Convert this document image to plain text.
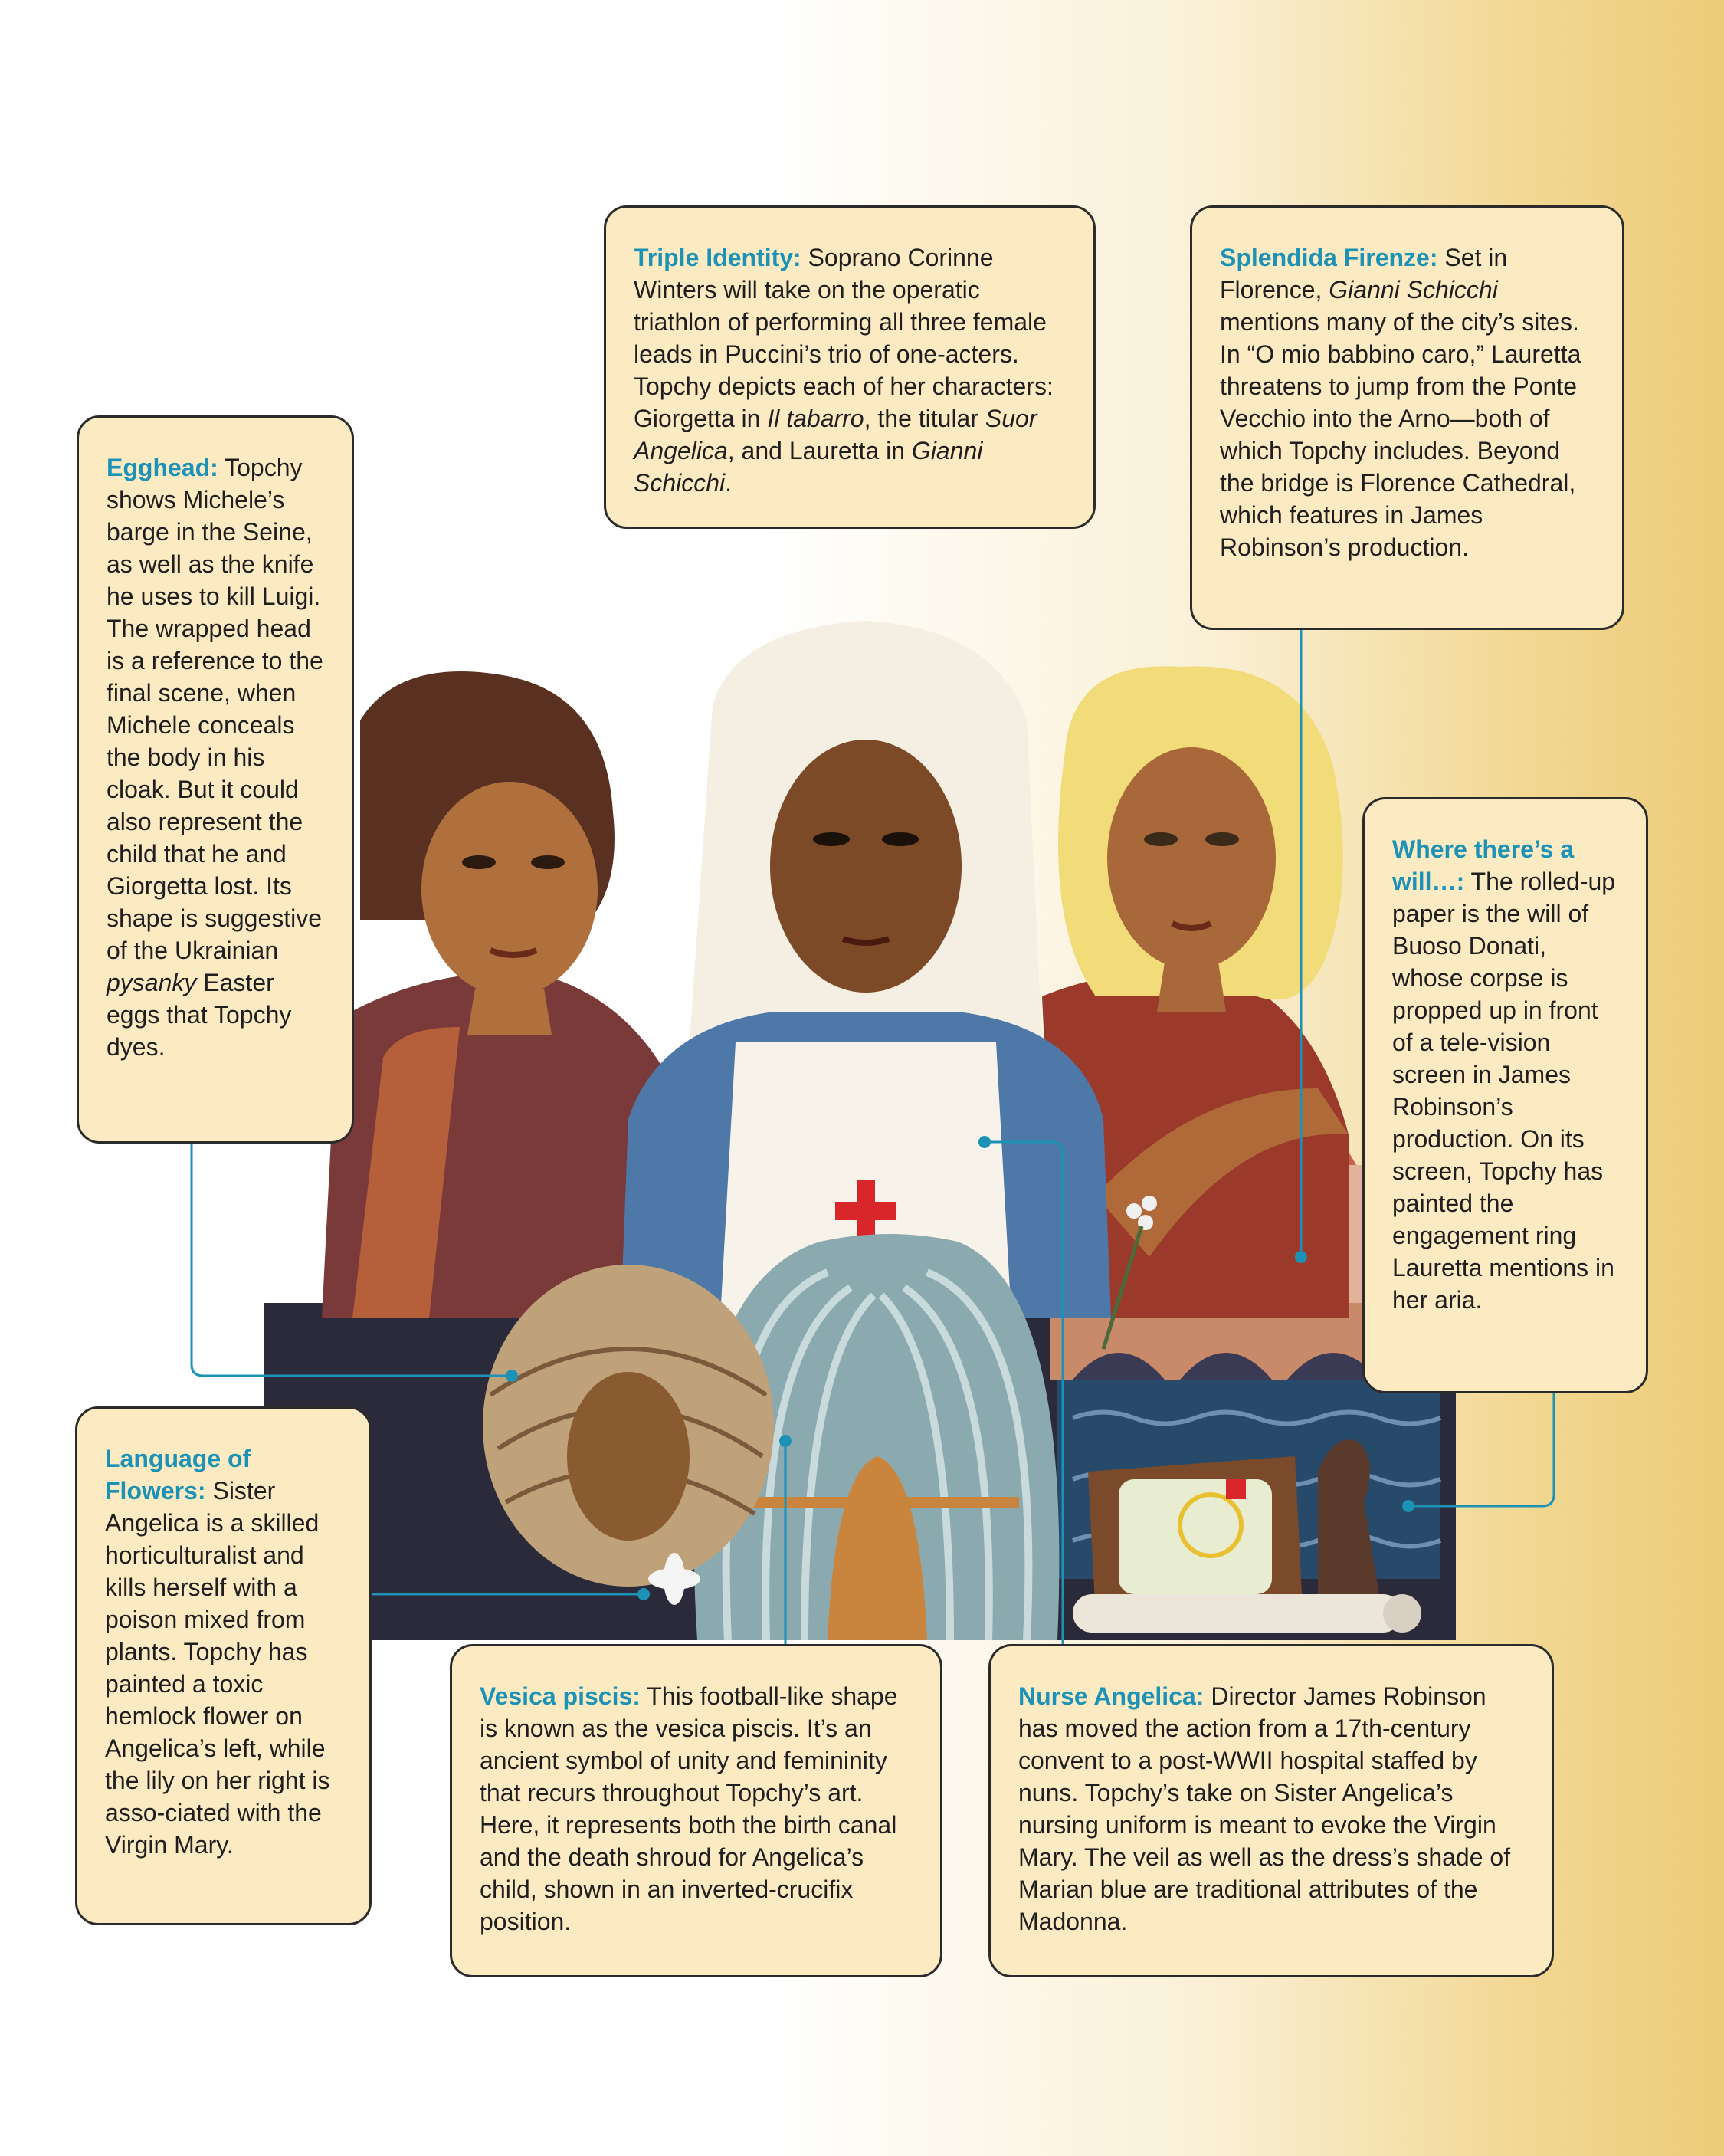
Triple Identity: Soprano Corinne Winters will take on the operatic triathlon of performing all three female leads in Puccini’s trio of one-acters. Topchy depicts each of her characters: Giorgetta in Il tabarro, the titular Suor Angelica, and Lauretta in Gianni Schicchi.
Splendida Firenze: Set in Florence, Gianni Schicchi mentions many of the city’s sites. In “O mio babbino caro,” Lauretta threatens to jump from the Ponte Vecchio into the Arno—both of which Topchy includes. Beyond the bridge is Florence Cathedral, which features in James Robinson’s production.
Egghead: Topchy shows Michele’s barge in the Seine, as well as the knife he uses to kill Luigi. The wrapped head is a reference to the final scene, when Michele conceals the body in his cloak. But it could also represent the child that he and Giorgetta lost. Its shape is suggestive of the Ukrainian pysanky Easter eggs that Topchy dyes.
Where there’s a will…: The rolled-up paper is the will of Buoso Donati, whose corpse is propped up in front of a tele-vision screen in James Robinson’s production. On its screen, Topchy has painted the engagement ring Lauretta mentions in her aria.
Language of Flowers: Sister Angelica is a skilled horticulturalist and kills herself with a poison mixed from plants. Topchy has painted a toxic hemlock flower on Angelica’s left, while the lily on her right is asso-ciated with the Virgin Mary.
Vesica piscis: This football-like shape is known as the vesica piscis. It’s an ancient symbol of unity and femininity that recurs throughout Topchy’s art. Here, it represents both the birth canal and the death shroud for Angelica’s child, shown in an inverted-crucifix position.
Nurse Angelica: Director James Robinson has moved the action from a 17th-century convent to a post-WWII hospital staffed by nuns. Topchy’s take on Sister Angelica’s nursing uniform is meant to evoke the Virgin Mary. The veil as well as the dress’s shade of Marian blue are traditional attributes of the Madonna.
